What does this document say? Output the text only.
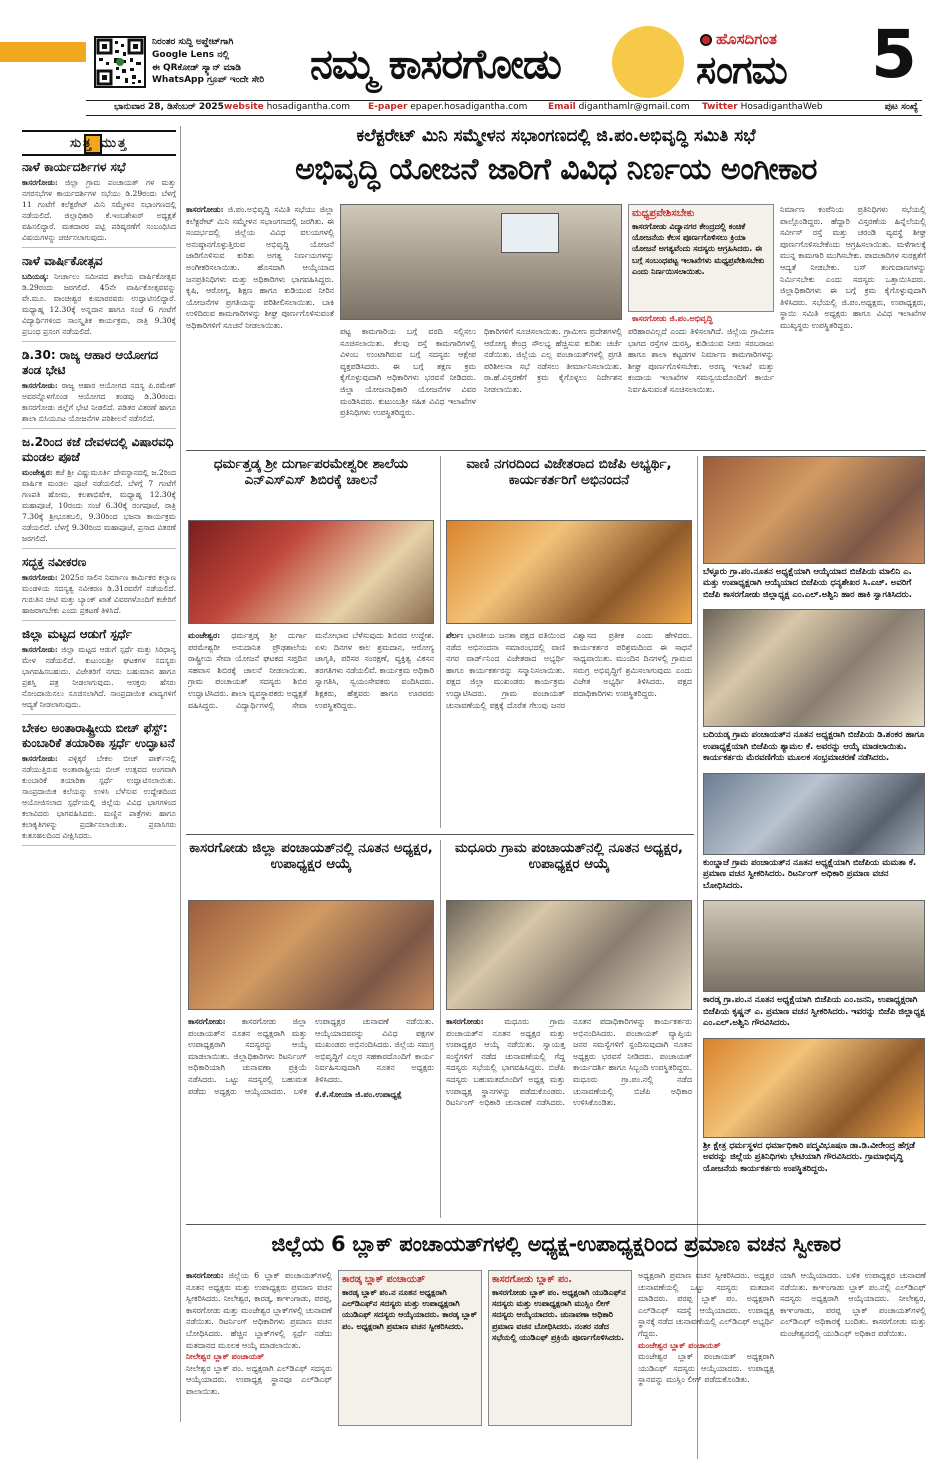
ನಿರಂತರ ಸುದ್ದಿ ಅಪ್ಡೇಟ್‌ಗಾಗಿ
Google Lens ನಲ್ಲಿ
ಈ QR‌ಕೋಡ್ ಸ್ಕ್ಯಾನ್ ಮಾಡಿ
WhatsApp ಗ್ರೂಪ್ ಇಂದೇ ಸೇರಿ	ನಮ್ಮ ಕಾಸರಗೋಡು
ಹೊಸದಿಗಂತ
ಸಂಗಮ 5
ಭಾನುವಾರ 28, ಡಿಸೆಂಬರ್ 2025 website hosadigantha.com E-paper epaper.hosadigantha.com Email diganthamlr@gmail.com Twitter HosadiganthaWeb	ಪುಟ ಸಂಖ್ಯೆ
ಸುತ್ತ ಮುತ್ತ
ನಾಳೆ ಕಾರ್ಯದರ್ಶಿಗಳ ಸಭೆ
ಕಾಸರಗೋಡು: ಜಿಲ್ಲಾ ಗ್ರಾಮ ಪಂಚಾಯತ್ ಗಳ ಮತ್ತು ನಗರಸಭೆಗಳ ಕಾರ್ಯದರ್ಶಿಗಳ ಸಭೆಯು ಡಿ.29ರಂದು ಬೆಳಗ್ಗೆ 11 ಗಂಟೆಗೆ ಕಲೆಕ್ಟರೇಟ್ ಮಿನಿ ಸಮ್ಮೇಳನ ಸಭಾಂಗಣದಲ್ಲಿ ನಡೆಯಲಿದೆ. ಜಿಲ್ಲಾಧಿಕಾರಿ ಕೆ.ಇಂಬಶೇಖರ್ ಅಧ್ಯಕ್ಷತೆ ವಹಿಸಲಿದ್ದಾರೆ. ಮತದಾರರ ಪಟ್ಟಿ ಪರಿಷ್ಕರಣೆಗೆ ಸಂಬಂಧಿಸಿದ ವಿಷಯಗಳನ್ನು ಚರ್ಚಿಸಲಾಗುವುದು.
ನಾಳೆ ವಾರ್ಷಿಕೋತ್ಸವ
ಬದಿಯಡ್ಕ: ನೀರ್ಚಾಲು ಸಮೀಪದ ಶಾಲೆಯ ವಾರ್ಷಿಕೋತ್ಸವ ಡಿ.29ರಂದು ಜರಗಲಿದೆ. 45ನೇ ವಾರ್ಷಿಕೋತ್ಸವವನ್ನು ವೇ.ಮೂ. ವಾಂಚೀಶ್ವರ ಕುಮಾರರವರು ಉದ್ಘಾಟಿಸಲಿದ್ದಾರೆ. ಮಧ್ಯಾಹ್ನ 12.30ಕ್ಕೆ ಅನ್ನದಾನ ಹಾಗೂ ಸಂಜೆ 6 ಗಂಟೆಗೆ ವಿದ್ಯಾರ್ಥಿಗಳಿಂದ ಸಾಂಸ್ಕೃತಿಕ ಕಾರ್ಯಕ್ರಮ, ರಾತ್ರಿ 9.30ಕ್ಕೆ ಪ್ರಬಂಧ ಪ್ರಸಂಗ ನಡೆಯಲಿದೆ.
ಡಿ.30: ರಾಜ್ಯ ಆಹಾರ ಆಯೋಗದ ತಂಡ ಭೇಟಿ
ಕಾಸರಗೋಡು: ರಾಜ್ಯ ಆಹಾರ ಆಯೋಗದ ಸದಸ್ಯ ಪಿ.ರಮೇಶ್ ಅವರನ್ನೊಳಗೊಂಡ ಆಯೋಗದ ತಂಡವು ಡಿ.30ರಂದು ಕಾಸರಗೋಡು ಜಿಲ್ಲೆಗೆ ಭೇಟಿ ನೀಡಲಿದೆ. ಪಡಿತರ ವಿತರಣೆ ಹಾಗೂ ಶಾಲಾ ಬಿಸಿಯೂಟ ಯೋಜನೆಗಳ ಪರಿಶೀಲನೆ ನಡೆಸಲಿದೆ.
ಜ.2ರಿಂದ ಕಜೆ ದೇವಳದಲ್ಲಿ ವಿಷಾರವಧಿ ಮಂಡಲ ಪೂಜೆ
ಮಂಜೇಶ್ವರ: ಕಜೆ ಶ್ರೀ ವಿಷ್ಣುಮೂರ್ತಿ ದೇವಸ್ಥಾನದಲ್ಲಿ ಜ.2ರಿಂದ ವಾರ್ಷಿಕ ಮಂಡಲ ಪೂಜೆ ನಡೆಯಲಿದೆ. ಬೆಳಗ್ಗೆ 7 ಗಂಟೆಗೆ ಗಣಪತಿ ಹೋಮ, ಕಲಶಾಭಿಷೇಕ, ಮಧ್ಯಾಹ್ನ 12.30ಕ್ಕೆ ಮಹಾಪೂಜೆ, 10ರಂದು ಸಂಜೆ 6.30ಕ್ಕೆ ರಂಗಪೂಜೆ, ರಾತ್ರಿ 7.30ಕ್ಕೆ ಶ್ರೀಭೂತಬಲಿ, 9.30ರಿಂದ ಭಜನಾ ಕಾರ್ಯಕ್ರಮ ನಡೆಯಲಿದೆ. ಬೆಳಗ್ಗೆ 9.30ರಿಂದ ಮಹಾಪೂಜೆ, ಪ್ರಸಾದ ವಿತರಣೆ ಜರಗಲಿದೆ.
ಸದ್ಭಕ್ತ ನವೀಕರಣ
ಕಾಸರಗೋಡು: 2025ರ ಸಾಲಿನ ನಿರ್ಮಾಣ ಕಾರ್ಮಿಕರ ಕಲ್ಯಾಣ ಮಂಡಳಿಯ ಸದಸ್ಯತ್ವ ನವೀಕರಣ ಡಿ.31ರವರೆಗೆ ನಡೆಯಲಿದೆ. ಗುರುತಿನ ಚೀಟಿ ಮತ್ತು ಬ್ಯಾಂಕ್ ಖಾತೆ ವಿವರಗಳೊಂದಿಗೆ ಕಚೇರಿಗೆ ಹಾಜರಾಗಬೇಕು ಎಂದು ಪ್ರಕಟಣೆ ತಿಳಿಸಿದೆ.
ಜಿಲ್ಲಾ ಮಟ್ಟದ ಆಡುಗೆ ಸ್ಪರ್ಧೆ
ಕಾಸರಗೋಡು: ಜಿಲ್ಲಾ ಮಟ್ಟದ ಆಡುಗೆ ಸ್ಪರ್ಧೆ ಮತ್ತು ಸಿರಿಧಾನ್ಯ ಮೇಳ ನಡೆಯಲಿದೆ. ಕುಟುಂಬಶ್ರೀ ಘಟಕಗಳ ಸದಸ್ಯರು ಭಾಗವಹಿಸಬಹುದು. ವಿಜೇತರಿಗೆ ನಗದು ಬಹುಮಾನ ಹಾಗೂ ಪ್ರಶಸ್ತಿ ಪತ್ರ ನೀಡಲಾಗುವುದು. ಆಸಕ್ತರು ಹೆಸರು ನೋಂದಾಯಿಸಲು ಸೂಚಿಸಲಾಗಿದೆ. ಸಾಂಪ್ರದಾಯಿಕ ಖಾದ್ಯಗಳಿಗೆ ಆದ್ಯತೆ ನೀಡಲಾಗುವುದು.
ಬೇಕಲ ಅಂತಾರಾಷ್ಟ್ರೀಯ ಬೀಚ್ ಫೆಸ್ಟ್: ಕುಂಬಾರಿಕೆ ತಯಾರಿಕಾ ಸ್ಪರ್ಧೆ ಉದ್ಘಾಟನೆ
ಕಾಸರಗೋಡು: ಪಳ್ಳಿಕ್ಕರೆ ಬೇಕಲ ಬೀಚ್ ಪಾರ್ಕ್‌ನಲ್ಲಿ ನಡೆಯುತ್ತಿರುವ ಅಂತಾರಾಷ್ಟ್ರೀಯ ಬೀಚ್ ಉತ್ಸವದ ಅಂಗವಾಗಿ ಕುಂಬಾರಿಕೆ ತಯಾರಿಕಾ ಸ್ಪರ್ಧೆ ಉದ್ಘಾಟಿಸಲಾಯಿತು. ಸಾಂಪ್ರದಾಯಿಕ ಕಲೆಯನ್ನು ಉಳಿಸಿ ಬೆಳೆಸುವ ಉದ್ದೇಶದಿಂದ ಆಯೋಜಿಸಲಾದ ಸ್ಪರ್ಧೆಯಲ್ಲಿ ಜಿಲ್ಲೆಯ ವಿವಿಧ ಭಾಗಗಳಿಂದ ಕಲಾವಿದರು ಭಾಗವಹಿಸಿದರು. ಮಣ್ಣಿನ ಪಾತ್ರೆಗಳು ಹಾಗೂ ಕಲಾಕೃತಿಗಳನ್ನು ಪ್ರದರ್ಶಿಸಲಾಯಿತು. ಪ್ರವಾಸಿಗರು ಕುತೂಹಲದಿಂದ ವೀಕ್ಷಿಸಿದರು.
ಕಲೆಕ್ಟರೇಟ್ ಮಿನಿ ಸಮ್ಮೇಳನ ಸಭಾಂಗಣದಲ್ಲಿ ಜಿ.ಪಂ.ಅಭಿವೃದ್ಧಿ ಸಮಿತಿ ಸಭೆ
ಅಭಿವೃದ್ಧಿ ಯೋಜನೆ ಜಾರಿಗೆ ವಿವಿಧ ನಿರ್ಣಯ ಅಂಗೀಕಾರ
ಕಾಸರಗೋಡು: ಜಿ.ಪಂ.ಅಭಿವೃದ್ಧಿ ಸಮಿತಿ ಸಭೆಯು ಜಿಲ್ಲಾ ಕಲೆಕ್ಟರೇಟ್ ಮಿನಿ ಸಮ್ಮೇಳನ ಸಭಾಂಗಣದಲ್ಲಿ ಜರಗಿತು. ಈ ಸಂದರ್ಭದಲ್ಲಿ ಜಿಲ್ಲೆಯ ವಿವಿಧ ವಲಯಗಳಲ್ಲಿ ಅನುಷ್ಠಾನಗೊಳ್ಳುತ್ತಿರುವ ಅಭಿವೃದ್ಧಿ ಯೋಜನೆ ಜಾರಿಗೊಳಿಸುವ ಕುರಿತು ಅಗತ್ಯ ನಿರ್ಣಯಗಳನ್ನು ಅಂಗೀಕರಿಸಲಾಯಿತು. ಹೊಸದಾಗಿ ಆಯ್ಕೆಯಾದ ಜನಪ್ರತಿನಿಧಿಗಳು ಮತ್ತು ಅಧಿಕಾರಿಗಳು ಭಾಗವಹಿಸಿದ್ದರು. ಕೃಷಿ, ಆರೋಗ್ಯ, ಶಿಕ್ಷಣ ಹಾಗೂ ಕುಡಿಯುವ ನೀರಿನ ಯೋಜನೆಗಳ ಪ್ರಗತಿಯನ್ನು ಪರಿಶೀಲಿಸಲಾಯಿತು. ಬಾಕಿ ಉಳಿದಿರುವ ಕಾಮಗಾರಿಗಳನ್ನು ಶೀಘ್ರ ಪೂರ್ಣಗೊಳಿಸುವಂತೆ ಅಧಿಕಾರಿಗಳಿಗೆ ಸೂಚನೆ ನೀಡಲಾಯಿತು.
ಪಟ್ಟ ಕಾಮಗಾರಿಯ ಬಗ್ಗೆ ವರದಿ ಸಲ್ಲಿಸಲು ಸೂಚಿಸಲಾಯಿತು. ಕೆಲವು ರಸ್ತೆ ಕಾಮಗಾರಿಗಳಲ್ಲಿ ವಿಳಂಬ ಉಂಟಾಗಿರುವ ಬಗ್ಗೆ ಸದಸ್ಯರು ಆಕ್ಷೇಪ ವ್ಯಕ್ತಪಡಿಸಿದರು. ಈ ಬಗ್ಗೆ ತಕ್ಷಣ ಕ್ರಮ ಕೈಗೊಳ್ಳುವುದಾಗಿ ಅಧಿಕಾರಿಗಳು ಭರವಸೆ ನೀಡಿದರು. ಜಿಲ್ಲಾ ಯೋಜನಾಧಿಕಾರಿ ಯೋಜನೆಗಳ ವಿವರ ಮಂಡಿಸಿದರು. ಕುಟುಂಬಶ್ರೀ ಸಹಿತ ವಿವಿಧ ಇಲಾಖೆಗಳ ಪ್ರತಿನಿಧಿಗಳು ಉಪಸ್ಥಿತರಿದ್ದರು.
ಧಿಕಾರಿಗಳಿಗೆ ಸೂಚಿಸಲಾಯಿತು. ಗ್ರಾಮೀಣ ಪ್ರದೇಶಗಳಲ್ಲಿ ಆರೋಗ್ಯ ಕೇಂದ್ರ ಸೌಲಭ್ಯ ಹೆಚ್ಚಿಸುವ ಕುರಿತು ಚರ್ಚೆ ನಡೆಯಿತು. ಜಿಲ್ಲೆಯ ಎಲ್ಲ ಪಂಚಾಯತ್‌ಗಳಲ್ಲಿ ಪ್ರಗತಿ ಪರಿಶೀಲನಾ ಸಭೆ ನಡೆಸಲು ತೀರ್ಮಾನಿಸಲಾಯಿತು. ರಾ.ಹೆ.ವಿಸ್ತರಣೆಗೆ ಕ್ರಮ ಕೈಗೊಳ್ಳಲು ನಿರ್ದೇಶನ ನೀಡಲಾಯಿತು.
ಮಧ್ಯಪ್ರವೇಶಿಸಬೇಕು
ಕಾಸರಗೋಡು ವಿದ್ಯಾನಗರ ಕೇಂದ್ರದಲ್ಲಿ ಕಂಚಿಕೆ ಯೋಜನೆಯ ಕೆಲಸ ಪೂರ್ಣಗೊಳಿಸಲು ಕ್ರಿಯಾ ಯೋಜನೆ ಅಗತ್ಯವೆಂದು ಸದಸ್ಯರು ಆಗ್ರಹಿಸಿದರು. ಈ ಬಗ್ಗೆ ಸಂಬಂಧಪಟ್ಟ ಇಲಾಖೆಗಳು ಮಧ್ಯಪ್ರವೇಶಿಸಬೇಕು ಎಂದು ನಿರ್ಣಯಿಸಲಾಯಿತು.
ಕಾಸರಗೋಡು ಜಿ.ಪಂ.ಅಭಿವೃದ್ಧಿ
ಪರಿಹಾರವಿಲ್ಲದೆ ಎಂದು ತಿಳಿಸಲಾಗಿದೆ. ಜಿಲ್ಲೆಯ ಗ್ರಾಮೀಣ ಭಾಗದ ರಸ್ತೆಗಳ ದುರಸ್ತಿ, ಕುಡಿಯುವ ನೀರು ಸರಬರಾಜು ಹಾಗೂ ಶಾಲಾ ಕಟ್ಟಡಗಳ ನಿರ್ಮಾಣ ಕಾಮಗಾರಿಗಳನ್ನು ಶೀಘ್ರ ಪೂರ್ಣಗೊಳಿಸಬೇಕು. ಅರಣ್ಯ ಇಲಾಖೆ ಮತ್ತು ಕಂದಾಯ ಇಲಾಖೆಗಳ ಸಮನ್ವಯದೊಂದಿಗೆ ಕಾರ್ಯ ನಿರ್ವಹಿಸುವಂತೆ ಸೂಚಿಸಲಾಯಿತು.
ನಿರ್ಮಾಣ ಕಂಪೆನಿಯ ಪ್ರತಿನಿಧಿಗಳು ಸಭೆಯಲ್ಲಿ ಪಾಲ್ಗೊಂಡಿದ್ದರು. ಹೆದ್ದಾರಿ ವಿಸ್ತರಣೆಯ ಹಿನ್ನೆಲೆಯಲ್ಲಿ ಸರ್ವೀಸ್ ರಸ್ತೆ ಮತ್ತು ಚರಂಡಿ ವ್ಯವಸ್ಥೆ ಶೀಘ್ರ ಪೂರ್ಣಗೊಳಿಸಬೇಕೆಂದು ಆಗ್ರಹಿಸಲಾಯಿತು. ಮಳೆಗಾಲಕ್ಕೆ ಮುನ್ನ ಕಾಮಗಾರಿ ಮುಗಿಸಬೇಕು. ಪಾದಚಾರಿಗಳ ಸುರಕ್ಷತೆಗೆ ಆದ್ಯತೆ ನೀಡಬೇಕು. ಬಸ್ ತಂಗುದಾಣಗಳನ್ನು ನಿರ್ಮಿಸಬೇಕು ಎಂದು ಸದಸ್ಯರು ಒತ್ತಾಯಿಸಿದರು. ಜಿಲ್ಲಾಧಿಕಾರಿಗಳು ಈ ಬಗ್ಗೆ ಕ್ರಮ ಕೈಗೊಳ್ಳುವುದಾಗಿ ತಿಳಿಸಿದರು. ಸಭೆಯಲ್ಲಿ ಜಿ.ಪಂ.ಅಧ್ಯಕ್ಷರು, ಉಪಾಧ್ಯಕ್ಷರು, ಸ್ಥಾಯಿ ಸಮಿತಿ ಅಧ್ಯಕ್ಷರು ಹಾಗೂ ವಿವಿಧ ಇಲಾಖೆಗಳ ಮುಖ್ಯಸ್ಥರು ಉಪಸ್ಥಿತರಿದ್ದರು.
ಧರ್ಮತ್ತಡ್ಕ ಶ್ರೀ ದುರ್ಗಾಪರಮೇಶ್ವರೀ ಶಾಲೆಯ ಎನ್ಎಸ್ಎಸ್ ಶಿಬಿರಕ್ಕೆ ಚಾಲನೆ
ಮಂಜೇಶ್ವರ: ಧರ್ಮತ್ತಡ್ಕ ಶ್ರೀ ದುರ್ಗಾ ಪರಮೇಶ್ವರೀ ಅನುದಾನಿತ ಪ್ರೌಢಶಾಲೆಯ ರಾಷ್ಟ್ರೀಯ ಸೇವಾ ಯೋಜನೆ ಘಟಕದ ಸಪ್ತದಿನ ಸಹವಾಸ ಶಿಬಿರಕ್ಕೆ ಚಾಲನೆ ನೀಡಲಾಯಿತು. ಗ್ರಾಮ ಪಂಚಾಯತ್ ಸದಸ್ಯರು ಶಿಬಿರ ಉದ್ಘಾಟಿಸಿದರು. ಶಾಲಾ ವ್ಯವಸ್ಥಾಪಕರು ಅಧ್ಯಕ್ಷತೆ ವಹಿಸಿದ್ದರು. ವಿದ್ಯಾರ್ಥಿಗಳಲ್ಲಿ ಸೇವಾ ಮನೋಭಾವ ಬೆಳೆಸುವುದು ಶಿಬಿರದ ಉದ್ದೇಶ. ಏಳು ದಿನಗಳ ಕಾಲ ಶ್ರಮದಾನ, ಆರೋಗ್ಯ ಜಾಗೃತಿ, ಪರಿಸರ ಸಂರಕ್ಷಣೆ, ವ್ಯಕ್ತಿತ್ವ ವಿಕಸನ ತರಗತಿಗಳು ನಡೆಯಲಿವೆ. ಕಾರ್ಯಕ್ರಮ ಅಧಿಕಾರಿ ಸ್ವಾಗತಿಸಿ, ಸ್ವಯಂಸೇವಕರು ವಂದಿಸಿದರು. ಶಿಕ್ಷಕರು, ಹೆತ್ತವರು ಹಾಗೂ ಊರವರು ಉಪಸ್ಥಿತರಿದ್ದರು.
ವಾಣಿ ನಗರದಿಂದ ವಿಜೇತರಾದ ಬಿಜೆಪಿ ಅಭ್ಯರ್ಥಿ, ಕಾರ್ಯಕರ್ತರಿಗೆ ಅಭಿನಂದನೆ
ಪೆರ್ಲ: ಭಾರತೀಯ ಜನತಾ ಪಕ್ಷದ ವತಿಯಿಂದ ನಡೆದ ಅಭಿನಂದನಾ ಸಮಾರಂಭದಲ್ಲಿ ವಾಣಿ ನಗರ ವಾರ್ಡ್‌ನಿಂದ ವಿಜೇತರಾದ ಅಭ್ಯರ್ಥಿ ಹಾಗೂ ಕಾರ್ಯಕರ್ತರನ್ನು ಸನ್ಮಾನಿಸಲಾಯಿತು. ಪಕ್ಷದ ಜಿಲ್ಲಾ ಮುಖಂಡರು ಕಾರ್ಯಕ್ರಮ ಉದ್ಘಾಟಿಸಿದರು. ಗ್ರಾಮ ಪಂಚಾಯತ್ ಚುನಾವಣೆಯಲ್ಲಿ ಪಕ್ಷಕ್ಕೆ ದೊರೆತ ಗೆಲುವು ಜನರ ವಿಶ್ವಾಸದ ಪ್ರತೀಕ ಎಂದು ಹೇಳಿದರು. ಕಾರ್ಯಕರ್ತರ ಪರಿಶ್ರಮದಿಂದ ಈ ಸಾಧನೆ ಸಾಧ್ಯವಾಯಿತು. ಮುಂದಿನ ದಿನಗಳಲ್ಲಿ ಗ್ರಾಮದ ಸಮಗ್ರ ಅಭಿವೃದ್ಧಿಗೆ ಶ್ರಮಿಸಲಾಗುವುದು ಎಂದು ವಿಜೇತ ಅಭ್ಯರ್ಥಿ ತಿಳಿಸಿದರು. ಪಕ್ಷದ ಪದಾಧಿಕಾರಿಗಳು ಉಪಸ್ಥಿತರಿದ್ದರು.
ಬೆಳ್ಳೂರು ಗ್ರಾ.ಪಂ.ನೂತನ ಅಧ್ಯಕ್ಷೆಯಾಗಿ ಆಯ್ಕೆಯಾದ ಬಿಜೆಪಿಯ ಮಾಲಿನಿ ಎ. ಮತ್ತು ಉಪಾಧ್ಯಕ್ಷರಾಗಿ ಆಯ್ಕೆಯಾದ ಬಿಜೆಪಿಯ ಧನ್ಯಶೇಖರ ಸಿ.ಎಚ್. ಅವರಿಗೆ ಬಿಜೆಪಿ ಕಾಸರಗೋಡು ಜಿಲ್ಲಾಧ್ಯಕ್ಷ ಎಂ.ಎಲ್.ಅಶ್ವಿನಿ ಹಾರ ಹಾಕಿ ಸ್ವಾಗತಿಸಿದರು.
ಬದಿಯಡ್ಕ ಗ್ರಾಮ ಪಂಚಾಯತ್‌ನ ನೂತನ ಅಧ್ಯಕ್ಷರಾಗಿ ಬಿಜೆಪಿಯ ಡಿ.ಶಂಕರ ಹಾಗೂ ಉಪಾಧ್ಯಕ್ಷೆಯಾಗಿ ಬಿಜೆಪಿಯ ಶ್ಯಾಮಲ ಕೆ. ಅವರನ್ನು ಆಯ್ಕೆ ಮಾಡಲಾಯಿತು. ಕಾರ್ಯಕರ್ತರು ಮೆರವಣಿಗೆಯ ಮೂಲಕ ಸಂಭ್ರಮಾಚರಣೆ ನಡೆಸಿದರು.
ಕುಂಬ್ಡಾಜೆ ಗ್ರಾಮ ಪಂಚಾಯತ್‌ನ ನೂತನ ಅಧ್ಯಕ್ಷೆಯಾಗಿ ಬಿಜೆಪಿಯ ಮಮತಾ ಕೆ. ಪ್ರಮಾಣ ವಚನ ಸ್ವೀಕರಿಸಿದರು. ರಿಟರ್ನಿಂಗ್ ಅಧಿಕಾರಿ ಪ್ರಮಾಣ ವಚನ ಬೋಧಿಸಿದರು.
ಕಾರಡ್ಕ ಗ್ರಾ.ಪಂ.ನ ನೂತನ ಅಧ್ಯಕ್ಷೆಯಾಗಿ ಬಿಜೆಪಿಯ ಎಂ.ಜನನಿ, ಉಪಾಧ್ಯಕ್ಷರಾಗಿ ಬಿಜೆಪಿಯ ಕೃಷ್ಣನ್ ಎ. ಪ್ರಮಾಣ ವಚನ ಸ್ವೀಕರಿಸಿದರು. ಇವರನ್ನು ಬಿಜೆಪಿ ಜಿಲ್ಲಾಧ್ಯಕ್ಷ ಎಂ.ಎಲ್.ಅಶ್ವಿನಿ ಗೌರವಿಸಿದರು.
ಶ್ರೀ ಕ್ಷೇತ್ರ ಧರ್ಮಸ್ಥಳದ ಧರ್ಮಾಧಿಕಾರಿ ಪದ್ಮವಿಭೂಷಣ ಡಾ.ಡಿ.ವೀರೇಂದ್ರ ಹೆಗ್ಗಡೆ ಅವರನ್ನು ಜಿಲ್ಲೆಯ ಪ್ರತಿನಿಧಿಗಳು ಭೇಟಿಯಾಗಿ ಗೌರವಿಸಿದರು. ಗ್ರಾಮಾಭಿವೃದ್ಧಿ ಯೋಜನೆಯ ಕಾರ್ಯಕರ್ತರು ಉಪಸ್ಥಿತರಿದ್ದರು.
ಕಾಸರಗೋಡು ಜಿಲ್ಲಾ ಪಂಚಾಯತ್‌ನಲ್ಲಿ ನೂತನ ಅಧ್ಯಕ್ಷರ, ಉಪಾಧ್ಯಕ್ಷರ ಆಯ್ಕೆ
ಕಾಸರಗೋಡು: ಕಾಸರಗೋಡು ಜಿಲ್ಲಾ ಪಂಚಾಯತ್‌ನ ನೂತನ ಅಧ್ಯಕ್ಷರಾಗಿ ಮತ್ತು ಉಪಾಧ್ಯಕ್ಷರಾಗಿ ಸದಸ್ಯರನ್ನು ಆಯ್ಕೆ ಮಾಡಲಾಯಿತು. ಜಿಲ್ಲಾಧಿಕಾರಿಗಳು ರಿಟರ್ನಿಂಗ್ ಅಧಿಕಾರಿಯಾಗಿ ಚುನಾವಣಾ ಪ್ರಕ್ರಿಯೆ ನಡೆಸಿದರು. ಒಟ್ಟು ಸದಸ್ಯರಲ್ಲಿ ಬಹುಮತ ಪಡೆದು ಅಧ್ಯಕ್ಷರು ಆಯ್ಕೆಯಾದರು. ಬಳಿಕ ಉಪಾಧ್ಯಕ್ಷರ ಚುನಾವಣೆ ನಡೆಯಿತು. ಆಯ್ಕೆಯಾದವರನ್ನು ವಿವಿಧ ಪಕ್ಷಗಳ ಮುಖಂಡರು ಅಭಿನಂದಿಸಿದರು. ಜಿಲ್ಲೆಯ ಸಮಗ್ರ ಅಭಿವೃದ್ಧಿಗೆ ಎಲ್ಲರ ಸಹಕಾರದೊಂದಿಗೆ ಕಾರ್ಯ ನಿರ್ವಹಿಸುವುದಾಗಿ ನೂತನ ಅಧ್ಯಕ್ಷರು ತಿಳಿಸಿದರು.
ಕೆ.ಕೆ.ಸೋಯಾ ಜಿ.ಪಂ.ಉಪಾಧ್ಯಕ್ಷೆ
ಮಧೂರು ಗ್ರಾಮ ಪಂಚಾಯತ್‌ನಲ್ಲಿ ನೂತನ ಅಧ್ಯಕ್ಷರ, ಉಪಾಧ್ಯಕ್ಷರ ಆಯ್ಕೆ
ಕಾಸರಗೋಡು:	ಮಧೂರು ಗ್ರಾಮ ಪಂಚಾಯತ್‌ನ ನೂತನ ಅಧ್ಯಕ್ಷರ ಮತ್ತು ಉಪಾಧ್ಯಕ್ಷರ ಆಯ್ಕೆ ನಡೆಯಿತು. ಸ್ವಾಯತ್ತ ಸಂಸ್ಥೆಗಳಿಗೆ ನಡೆದ ಚುನಾವಣೆಯಲ್ಲಿ ಗೆದ್ದ ಸದಸ್ಯರು ಸಭೆಯಲ್ಲಿ ಭಾಗವಹಿಸಿದ್ದರು. ಬಿಜೆಪಿ ಸದಸ್ಯರು ಬಹುಮತದೊಂದಿಗೆ ಅಧ್ಯಕ್ಷ ಮತ್ತು ಉಪಾಧ್ಯಕ್ಷ ಸ್ಥಾನಗಳನ್ನು ಪಡೆದುಕೊಂಡರು. ರಿಟರ್ನಿಂಗ್ ಅಧಿಕಾರಿ ಚುನಾವಣೆ ನಡೆಸಿದರು. ನೂತನ ಪದಾಧಿಕಾರಿಗಳನ್ನು ಕಾರ್ಯಕರ್ತರು ಅಭಿನಂದಿಸಿದರು. ಪಂಚಾಯತ್ ವ್ಯಾಪ್ತಿಯ ಜನರ ಸಮಸ್ಯೆಗಳಿಗೆ ಸ್ಪಂದಿಸುವುದಾಗಿ ನೂತನ ಅಧ್ಯಕ್ಷರು ಭರವಸೆ ನೀಡಿದರು. ಪಂಚಾಯತ್ ಕಾರ್ಯದರ್ಶಿ ಹಾಗೂ ಸಿಬ್ಬಂದಿ ಉಪಸ್ಥಿತರಿದ್ದರು. ಮಧೂರು ಗ್ರಾ.ಪಂ.ನಲ್ಲಿ ನಡೆದ ಚುನಾವಣೆಯಲ್ಲಿ ಬಿಜೆಪಿ ಅಧಿಕಾರ ಉಳಿಸಿಕೊಂಡಿತು.
ಜಿಲ್ಲೆಯ 6 ಬ್ಲಾಕ್ ಪಂಚಾಯತ್‌ಗಳಲ್ಲಿ ಅಧ್ಯಕ್ಷ-ಉಪಾಧ್ಯಕ್ಷರಿಂದ ಪ್ರಮಾಣ ವಚನ ಸ್ವೀಕಾರ
ಕಾಸರಗೋಡು: ಜಿಲ್ಲೆಯ 6 ಬ್ಲಾಕ್ ಪಂಚಾಯತ್‌ಗಳಲ್ಲಿ ನೂತನ ಅಧ್ಯಕ್ಷರು ಮತ್ತು ಉಪಾಧ್ಯಕ್ಷರು ಪ್ರಮಾಣ ವಚನ ಸ್ವೀಕರಿಸಿದರು. ನೀಲೇಶ್ವರ, ಕಾರಡ್ಕ, ಕಾಞಂಗಾಡು, ಪರಪ್ಪ, ಕಾಸರಗೋಡು ಮತ್ತು ಮಂಜೇಶ್ವರ ಬ್ಲಾಕ್‌ಗಳಲ್ಲಿ ಚುನಾವಣೆ ನಡೆಯಿತು. ರಿಟರ್ನಿಂಗ್ ಅಧಿಕಾರಿಗಳು ಪ್ರಮಾಣ ವಚನ ಬೋಧಿಸಿದರು. ಹೆಚ್ಚಿನ ಬ್ಲಾಕ್‌ಗಳಲ್ಲಿ ಸ್ಪರ್ಧೆ ನಡೆದು ಮತದಾನದ ಮೂಲಕ ಆಯ್ಕೆ ಮಾಡಲಾಯಿತು.
ನೀಲೇಶ್ವರ ಬ್ಲಾಕ್ ಪಂಚಾಯತ್
ನೀಲೇಶ್ವರ ಬ್ಲಾಕ್ ಪಂ. ಅಧ್ಯಕ್ಷರಾಗಿ ಎಲ್‌ಡಿಎಫ್ ಸದಸ್ಯರು ಆಯ್ಕೆಯಾದರು. ಉಪಾಧ್ಯಕ್ಷ ಸ್ಥಾನವೂ ಎಲ್‌ಡಿಎಫ್ ಪಾಲಾಯಿತು.
ಕಾರಡ್ಕ ಬ್ಲಾಕ್ ಪಂಚಾಯತ್
ಕಾರಡ್ಕ ಬ್ಲಾಕ್ ಪಂ.ನ ನೂತನ ಅಧ್ಯಕ್ಷರಾಗಿ ಎಲ್‌ಡಿಎಫ್‌ನ ಸದಸ್ಯರು ಮತ್ತು ಉಪಾಧ್ಯಕ್ಷರಾಗಿ ಯುಡಿಎಫ್ ಸದಸ್ಯರು ಆಯ್ಕೆಯಾದರು. ಕಾರಡ್ಕ ಬ್ಲಾಕ್ ಪಂ. ಅಧ್ಯಕ್ಷರಾಗಿ ಪ್ರಮಾಣ ವಚನ ಸ್ವೀಕರಿಸಿದರು.
ಕಾಸರಗೋಡು ಬ್ಲಾಕ್ ಪಂ.
ಕಾಸರಗೋಡು ಬ್ಲಾಕ್ ಪಂ. ಅಧ್ಯಕ್ಷರಾಗಿ ಯುಡಿಎಫ್‌ನ ಸದಸ್ಯರು ಮತ್ತು ಉಪಾಧ್ಯಕ್ಷರಾಗಿ ಮುಸ್ಲಿಂ ಲೀಗ್ ಸದಸ್ಯರು ಆಯ್ಕೆಯಾದರು. ಚುನಾವಣಾ ಅಧಿಕಾರಿ ಪ್ರಮಾಣ ವಚನ ಬೋಧಿಸಿದರು. ನಂತರ ನಡೆದ ಸಭೆಯಲ್ಲಿ ಯುಡಿಎಫ್ ಪ್ರಕ್ರಿಯೆ ಪೂರ್ಣಗೊಳಿಸಿದರು.
ಅಧ್ಯಕ್ಷರಾಗಿ ಪ್ರಮಾಣ ವಚನ ಸ್ವೀಕರಿಸಿದರು. ಅಧ್ಯಕ್ಷರ ಚುನಾವಣೆಯಲ್ಲಿ ಒಟ್ಟು ಸದಸ್ಯರು ಮತದಾನ ಮಾಡಿದರು. ಪರಪ್ಪ ಬ್ಲಾಕ್ ಪಂ. ಅಧ್ಯಕ್ಷರಾಗಿ ಎಲ್‌ಡಿಎಫ್ ಸದಸ್ಯೆ ಆಯ್ಕೆಯಾದರು. ಉಪಾಧ್ಯಕ್ಷ ಸ್ಥಾನಕ್ಕೆ ನಡೆದ ಚುನಾವಣೆಯಲ್ಲಿ ಎಲ್‌ಡಿಎಫ್ ಅಭ್ಯರ್ಥಿ ಗೆದ್ದರು.
ಮಂಜೇಶ್ವರ ಬ್ಲಾಕ್ ಪಂಚಾಯತ್
ಮಂಜೇಶ್ವರ ಬ್ಲಾಕ್ ಪಂಚಾಯತ್ ಅಧ್ಯಕ್ಷರಾಗಿ ಯುಡಿಎಫ್ ಸದಸ್ಯರು ಆಯ್ಕೆಯಾದರು. ಉಪಾಧ್ಯಕ್ಷ ಸ್ಥಾನವನ್ನು ಮುಸ್ಲಿಂ ಲೀಗ್ ಪಡೆದುಕೊಂಡಿತು.
ಯಾಗಿ ಆಯ್ಕೆಯಾದರು. ಬಳಿಕ ಉಪಾಧ್ಯಕ್ಷರ ಚುನಾವಣೆ ನಡೆಯಿತು. ಕಾಞಂಗಾಡು ಬ್ಲಾಕ್ ಪಂ.ನಲ್ಲಿ ಎಲ್‌ಡಿಎಫ್ ಸದಸ್ಯರು ಅಧ್ಯಕ್ಷರಾಗಿ ಆಯ್ಕೆಯಾದರು. ನೀಲೇಶ್ವರ, ಕಾಞಂಗಾಡು, ಪರಪ್ಪ ಬ್ಲಾಕ್ ಪಂಚಾಯತ್‌ಗಳಲ್ಲಿ ಎಲ್‌ಡಿಎಫ್ ಅಧಿಕಾರಕ್ಕೆ ಬಂದಿತು. ಕಾಸರಗೋಡು ಮತ್ತು ಮಂಜೇಶ್ವರದಲ್ಲಿ ಯುಡಿಎಫ್ ಅಧಿಕಾರ ಪಡೆಯಿತು.
